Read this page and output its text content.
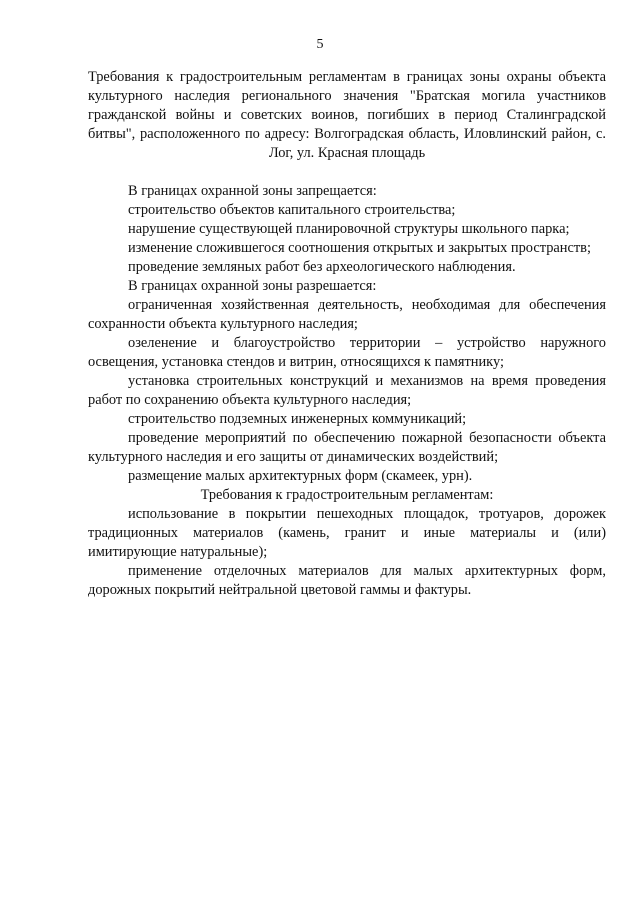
5

Требования к градостроительным регламентам в границах зоны охраны объекта культурного наследия регионального значения "Братская могила участников гражданской войны и советских воинов, погибших в период Сталинградской битвы", расположенного по адресу: Волгоградская область, Иловлинский район, с. Лог, ул. Красная площадь

В границах охранной зоны запрещается:

строительство объектов капитального строительства;

нарушение существующей планировочной структуры школьного парка;

изменение сложившегося соотношения открытых и закрытых пространств;

проведение земляных работ без археологического наблюдения.

В границах охранной зоны разрешается:

ограниченная хозяйственная деятельность, необходимая для обеспечения сохранности объекта культурного наследия;

озеленение и благоустройство территории – устройство наружного освещения, установка стендов и витрин, относящихся к памятнику;

установка строительных конструкций и механизмов на время проведения работ по сохранению объекта культурного наследия;

строительство подземных инженерных коммуникаций;

проведение мероприятий по обеспечению пожарной безопасности объекта культурного наследия и его защиты от динамических воздействий;

размещение малых архитектурных форм (скамеек, урн).

Требования к градостроительным регламентам:

использование в покрытии пешеходных площадок, тротуаров, дорожек традиционных материалов (камень, гранит и иные материалы и (или) имитирующие натуральные);

применение отделочных материалов для малых архитектурных форм, дорожных покрытий нейтральной цветовой гаммы и фактуры.
